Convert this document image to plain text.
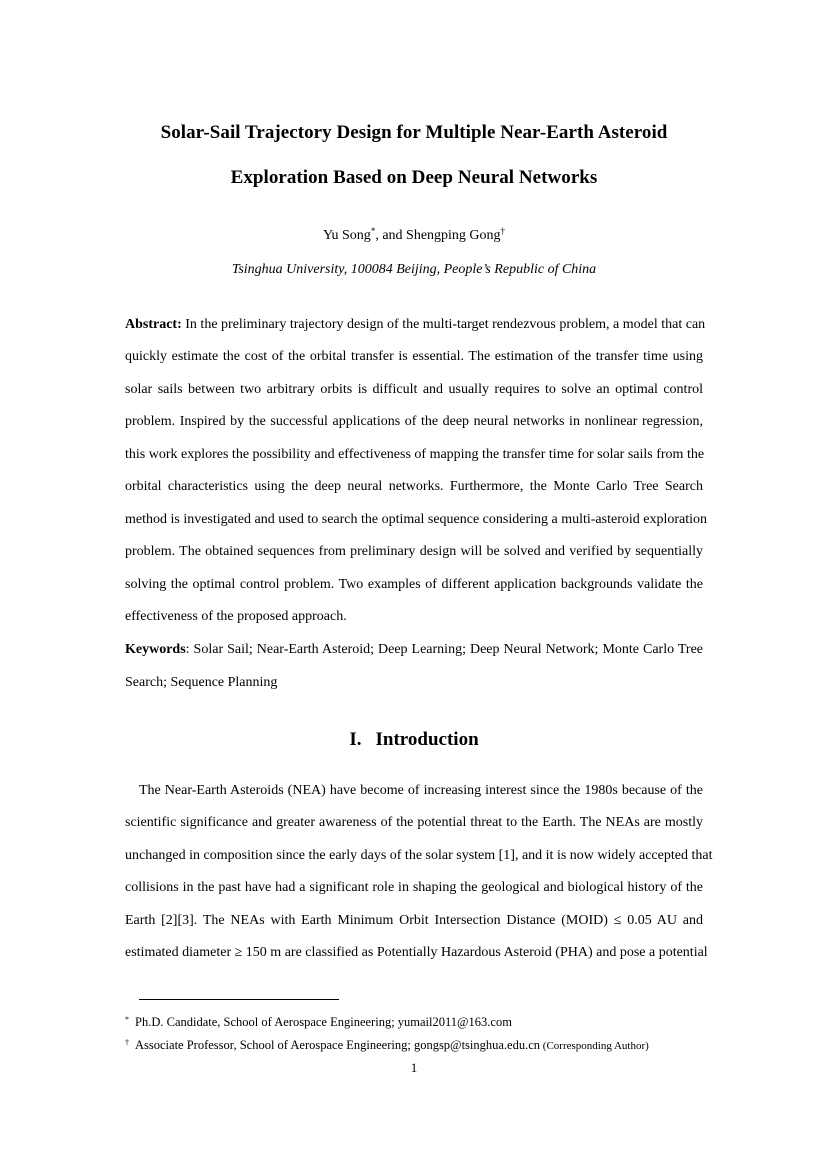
Solar-Sail Trajectory Design for Multiple Near-Earth Asteroid
Exploration Based on Deep Neural Networks
Yu Song*, and Shengping Gong†
Tsinghua University, 100084 Beijing, People’s Republic of China
Abstract: In the preliminary trajectory design of the multi-target rendezvous problem, a model that can
quickly estimate the cost of the orbital transfer is essential. The estimation of the transfer time using
solar sails between two arbitrary orbits is difficult and usually requires to solve an optimal control
problem. Inspired by the successful applications of the deep neural networks in nonlinear regression,
this work explores the possibility and effectiveness of mapping the transfer time for solar sails from the
orbital characteristics using the deep neural networks. Furthermore, the Monte Carlo Tree Search
method is investigated and used to search the optimal sequence considering a multi-asteroid exploration
problem. The obtained sequences from preliminary design will be solved and verified by sequentially
solving the optimal control problem. Two examples of different application backgrounds validate the
effectiveness of the proposed approach.
Keywords: Solar Sail; Near-Earth Asteroid; Deep Learning; Deep Neural Network; Monte Carlo Tree
Search; Sequence Planning
I. Introduction
The Near-Earth Asteroids (NEA) have become of increasing interest since the 1980s because of the
scientific significance and greater awareness of the potential threat to the Earth. The NEAs are mostly
unchanged in composition since the early days of the solar system [1], and it is now widely accepted that
collisions in the past have had a significant role in shaping the geological and biological history of the
Earth [2][3]. The NEAs with Earth Minimum Orbit Intersection Distance (MOID) ≤ 0.05 AU and
estimated diameter ≥ 150 m are classified as Potentially Hazardous Asteroid (PHA) and pose a potential
* Ph.D. Candidate, School of Aerospace Engineering; yumail2011@163.com
† Associate Professor, School of Aerospace Engineering; gongsp@tsinghua.edu.cn (Corresponding Author)
1
